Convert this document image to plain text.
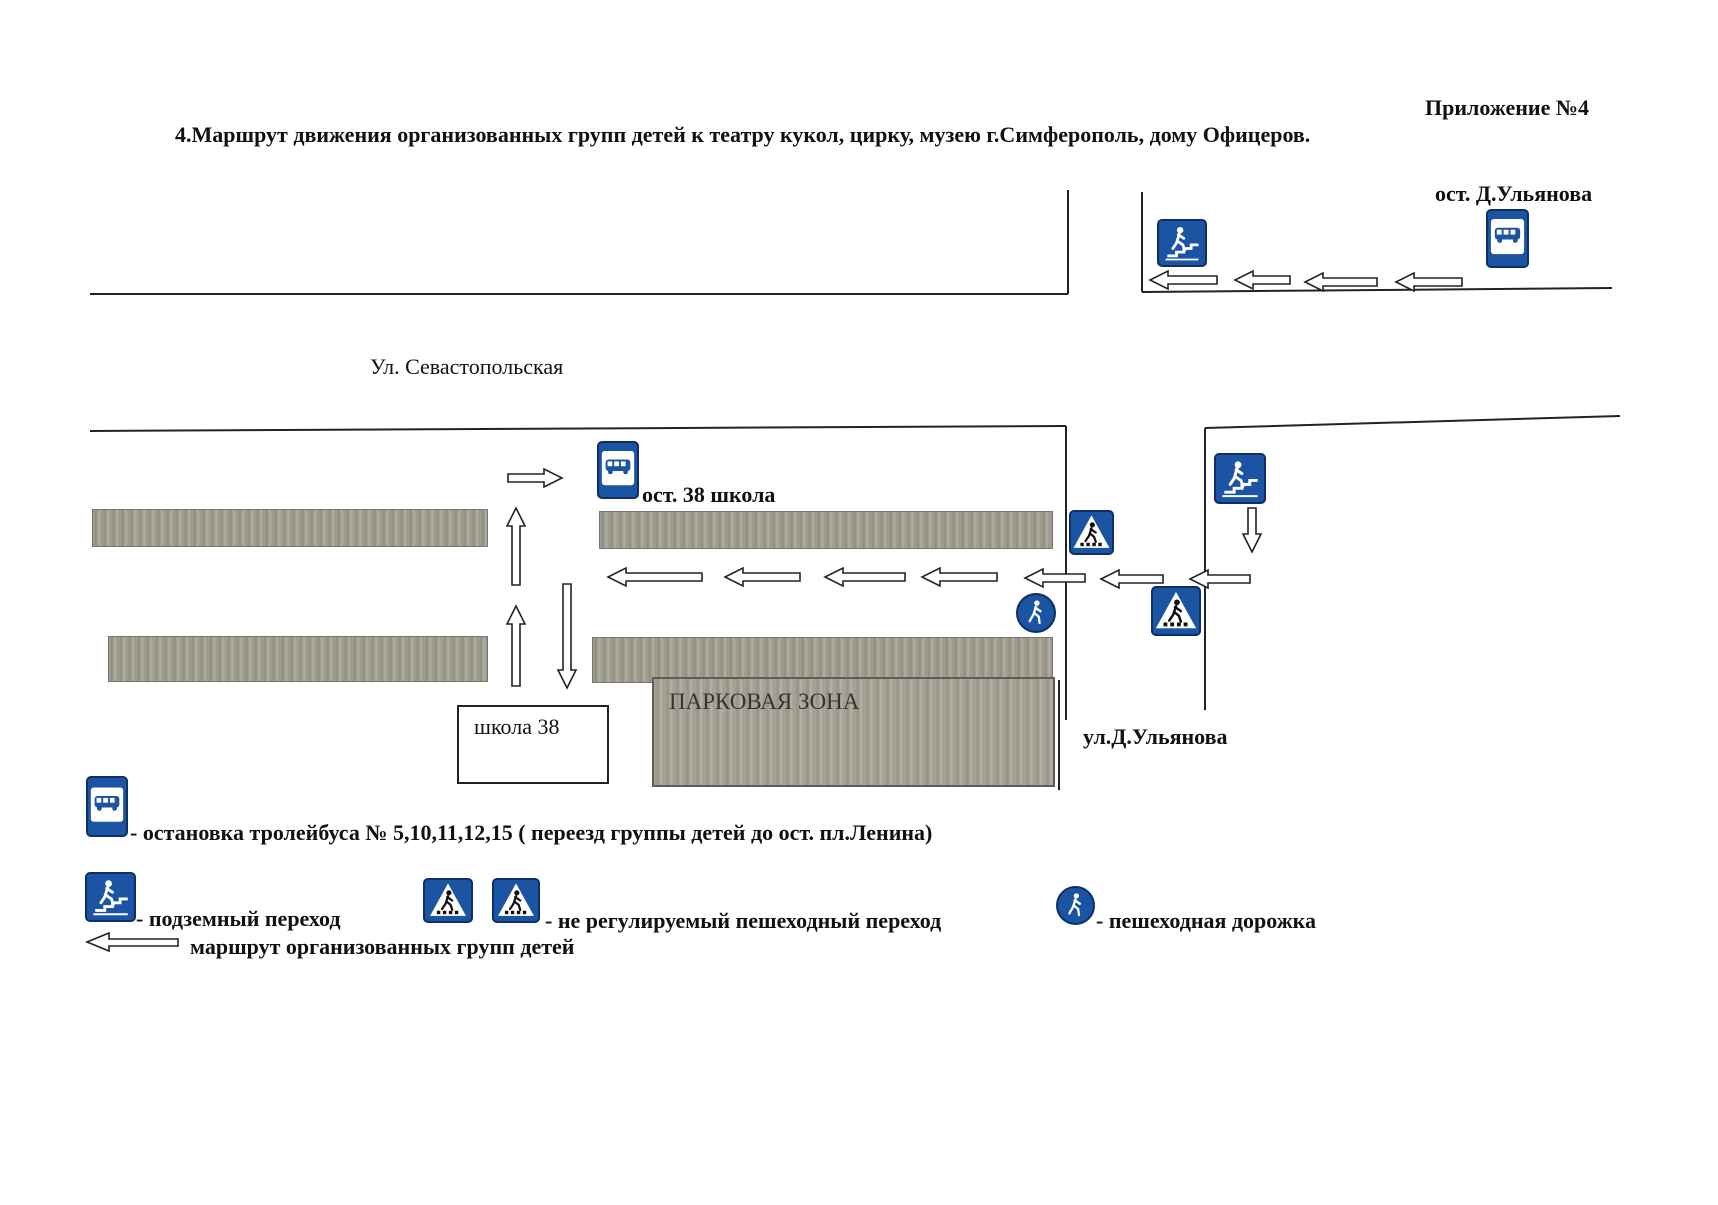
Приложение №4
4.Маршрут движения организованных групп детей к театру кукол, цирку, музею г.Симферополь, дому Офицеров.
ПАРКОВАЯ ЗОНА
школа 38
ост. Д.Ульянова
Ул. Севастопольская
ост. 38 школа
ул.Д.Ульянова
- остановка тролейбуса № 5,10,11,12,15 ( переезд группы детей до ост. пл.Ленина)
- подземный переход	- не регулируемый пешеходный переход	- пешеходная дорожка
маршрут организованных групп детей
